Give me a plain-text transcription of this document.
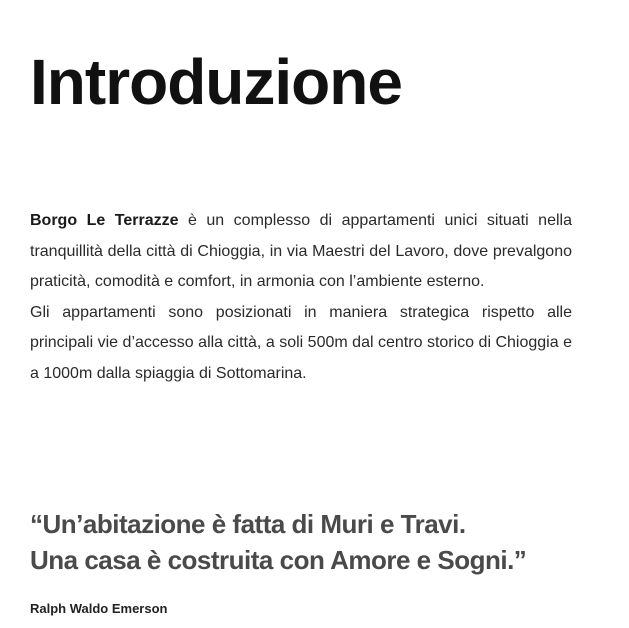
Introduzione

Borgo Le Terrazze è un complesso di appartamenti unici situati nella tranquillità della città di Chioggia, in via Maestri del Lavoro, dove prevalgono praticità, comodità e comfort, in armonia con l’ambiente esterno.

Gli appartamenti sono posizionati in maniera strategica rispetto alle principali vie d’accesso alla città, a soli 500m dal centro storico di Chioggia e a 1000m dalla spiaggia di Sottomarina.

“Un’abitazione è fatta di Muri e Travi.
Una casa è costruita con Amore e Sogni.”
Ralph Waldo Emerson
